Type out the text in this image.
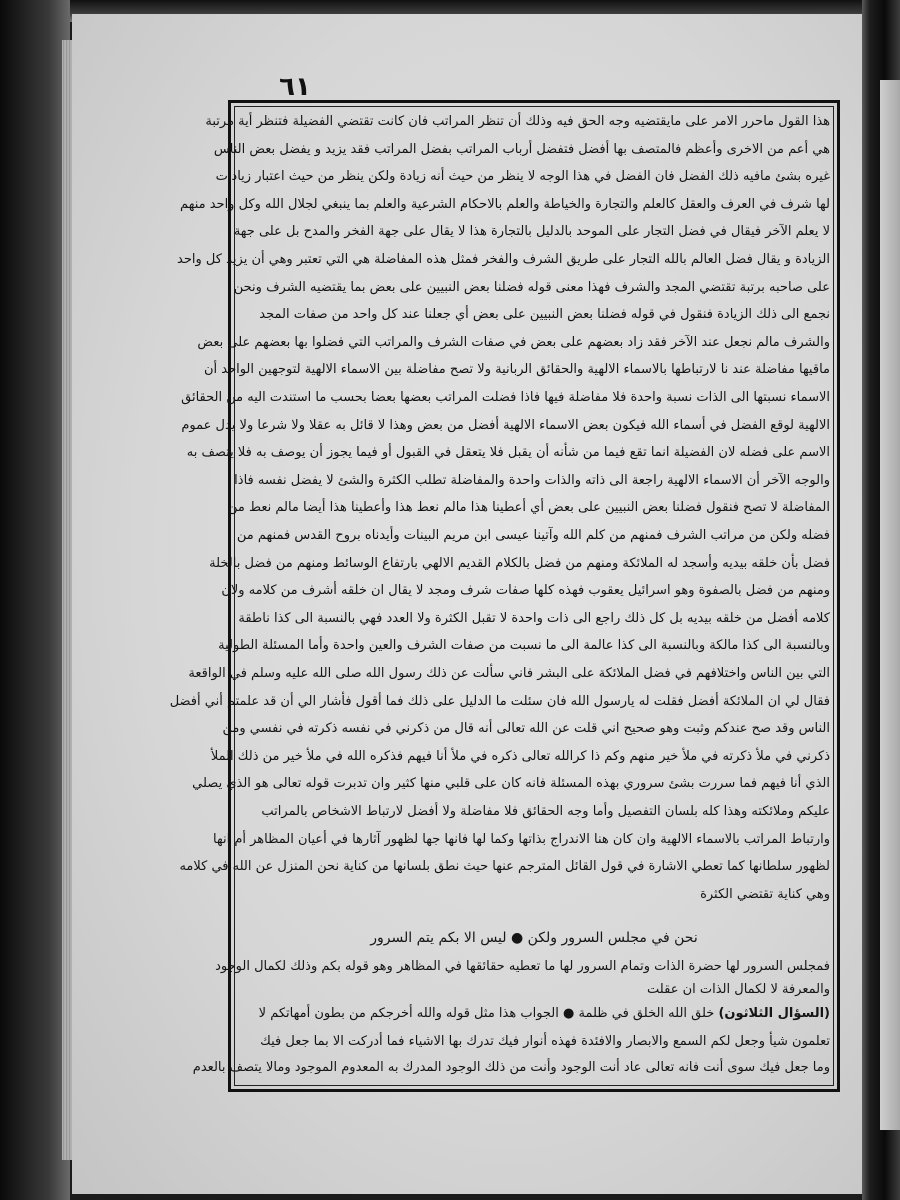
٦١
هذا القول ماحرر الامر على مايقتضيه وجه الحق فيه وذلك أن تنظر المراتب فان كانت تقتضي الفضيلة فتنظر أية مرتبة
هي أعم من الاخرى وأعظم فالمتصف بها أفضل فتفضل أرباب المراتب بفضل المراتب فقد يزيد و يفضل بعض الناس
غيره بشئ مافيه ذلك الفضل فان الفضل في هذا الوجه لا ينظر من حيث أنه زيادة ولكن ينظر من حيث اعتبار زيادات
لها شرف في العرف والعقل كالعلم والتجارة والخياطة والعلم بالاحكام الشرعية والعلم بما ينبغي لجلال الله وكل واحد منهم
لا يعلم الآخر فيقال في فضل التجار على الموحد بالدليل بالتجارة هذا لا يقال على جهة الفخر والمدح بل على جهة
الزيادة و يقال فضل العالم بالله التجار على طريق الشرف والفخر فمثل هذه المفاضلة هي التي تعتبر وهي أن يزيد كل واحد
على صاحبه برتبة تقتضي المجد والشرف فهذا معنى قوله فضلنا بعض النبيين على بعض بما يقتضيه الشرف ونحن
نجمع الى ذلك الزيادة فنقول في قوله فضلنا بعض النبيين على بعض أي جعلنا عند كل واحد من صفات المجد
والشرف مالم نجعل عند الآخر فقد زاد بعضهم على بعض في صفات الشرف والمراتب التي فضلوا بها بعضهم على بعض
ماقيها مفاضلة عند نا لارتباطها بالاسماء الالهية والحقائق الربانية ولا تصح مفاضلة بين الاسماء الالهية لتوجهين الواحد أن
الاسماء نسبتها الى الذات نسبة واحدة فلا مفاضلة فيها فاذا فضلت المراتب بعضها بعضا بحسب ما استندت اليه من الحقائق
الالهية لوقع الفضل في أسماء الله فيكون بعض الاسماء الالهية أفضل من بعض وهذا لا قائل به عقلا ولا شرعا ولا يدل عموم
الاسم على فضله لان الفضيلة انما تقع فيما من شأنه أن يقبل فلا يتعقل في القبول أو فيما يجوز أن يوصف به فلا يتصف به
والوجه الآخر أن الاسماء الالهية راجعة الى ذاته والذات واحدة والمفاضلة تطلب الكثرة والشئ لا يفضل نفسه فاذا
المفاضلة لا تصح فنقول فضلنا بعض النبيين على بعض أي أعطينا هذا مالم نعط هذا وأعطينا هذا أيضا مالم نعط من
فضله ولكن من مراتب الشرف فمنهم من كلم الله وآتينا عيسى ابن مريم البينات وأيدناه بروح القدس فمنهم من
فضل بأن خلقه بيديه وأسجد له الملائكة ومنهم من فضل بالكلام القديم الالهي بارتفاع الوسائط ومنهم من فضل بالخلة
ومنهم من فضل بالصفوة وهو اسرائيل يعقوب فهذه كلها صفات شرف ومجد لا يقال ان خلقه أشرف من كلامه ولان
كلامه أفضل من خلقه بيديه بل كل ذلك راجع الى ذات واحدة لا تقبل الكثرة ولا العدد فهي بالنسبة الى كذا ناطقة
وبالنسبة الى كذا مالكة وبالنسبة الى كذا عالمة الى ما نسبت من صفات الشرف والعين واحدة وأما المسئلة الطولية
التي بين الناس واختلافهم في فضل الملائكة على البشر فاني سألت عن ذلك رسول الله صلى الله عليه وسلم في الواقعة
فقال لي ان الملائكة أفضل فقلت له يارسول الله فان سئلت ما الدليل على ذلك فما أقول فأشار الي أن قد علمتم أني أفضل
الناس وقد صح عندكم وثبت وهو صحيح اني قلت عن الله تعالى أنه قال من ذكرني في نفسه ذكرته في نفسي ومن
ذكرني في ملأ ذكرته في ملأ خير منهم وكم ذا كرالله تعالى ذكره في ملأ أنا فيهم فذكره الله في ملأ خير من ذلك الملأ
الذي أنا فيهم فما سررت بشئ سروري بهذه المسئلة فانه كان على قلبي منها كثير وان تدبرت قوله تعالى هو الذي يصلي
عليكم وملائكته وهذا كله بلسان التفصيل وأما وجه الحقائق فلا مفاضلة ولا أفضل لارتباط الاشخاص بالمراتب
وارتباط المراتب بالاسماء الالهية وان كان هنا الاندراج بذاتها وكما لها فانها جها لظهور آثارها في أعيان المظاهر أم انها
لظهور سلطانها كما تعطي الاشارة في قول القائل المترجم عنها حيث نطق بلسانها من كناية نحن المنزل عن الله في كلامه
وهي كناية تقتضي الكثرة
نحن في مجلس السرور ولكن ● ليس الا بكم يتم السرور
فمجلس السرور لها حضرة الذات وتمام السرور لها ما تعطيه حقائقها في المظاهر وهو قوله بكم وذلك لكمال الوجود
والمعرفة لا لكمال الذات ان عقلت
(السؤال الثلاثون) خلق الله الخلق في ظلمة ● الجواب هذا مثل قوله والله أخرجكم من بطون أمهاتكم لا
تعلمون شيأ وجعل لكم السمع والابصار والافئدة فهذه أنوار فيك تدرك بها الاشياء فما أدركت الا بما جعل فيك
وما جعل فيك سوى أنت فانه تعالى عاد أنت الوجود وأنت من ذلك الوجود المدرك به المعدوم الموجود ومالا يتصف بالعدم
